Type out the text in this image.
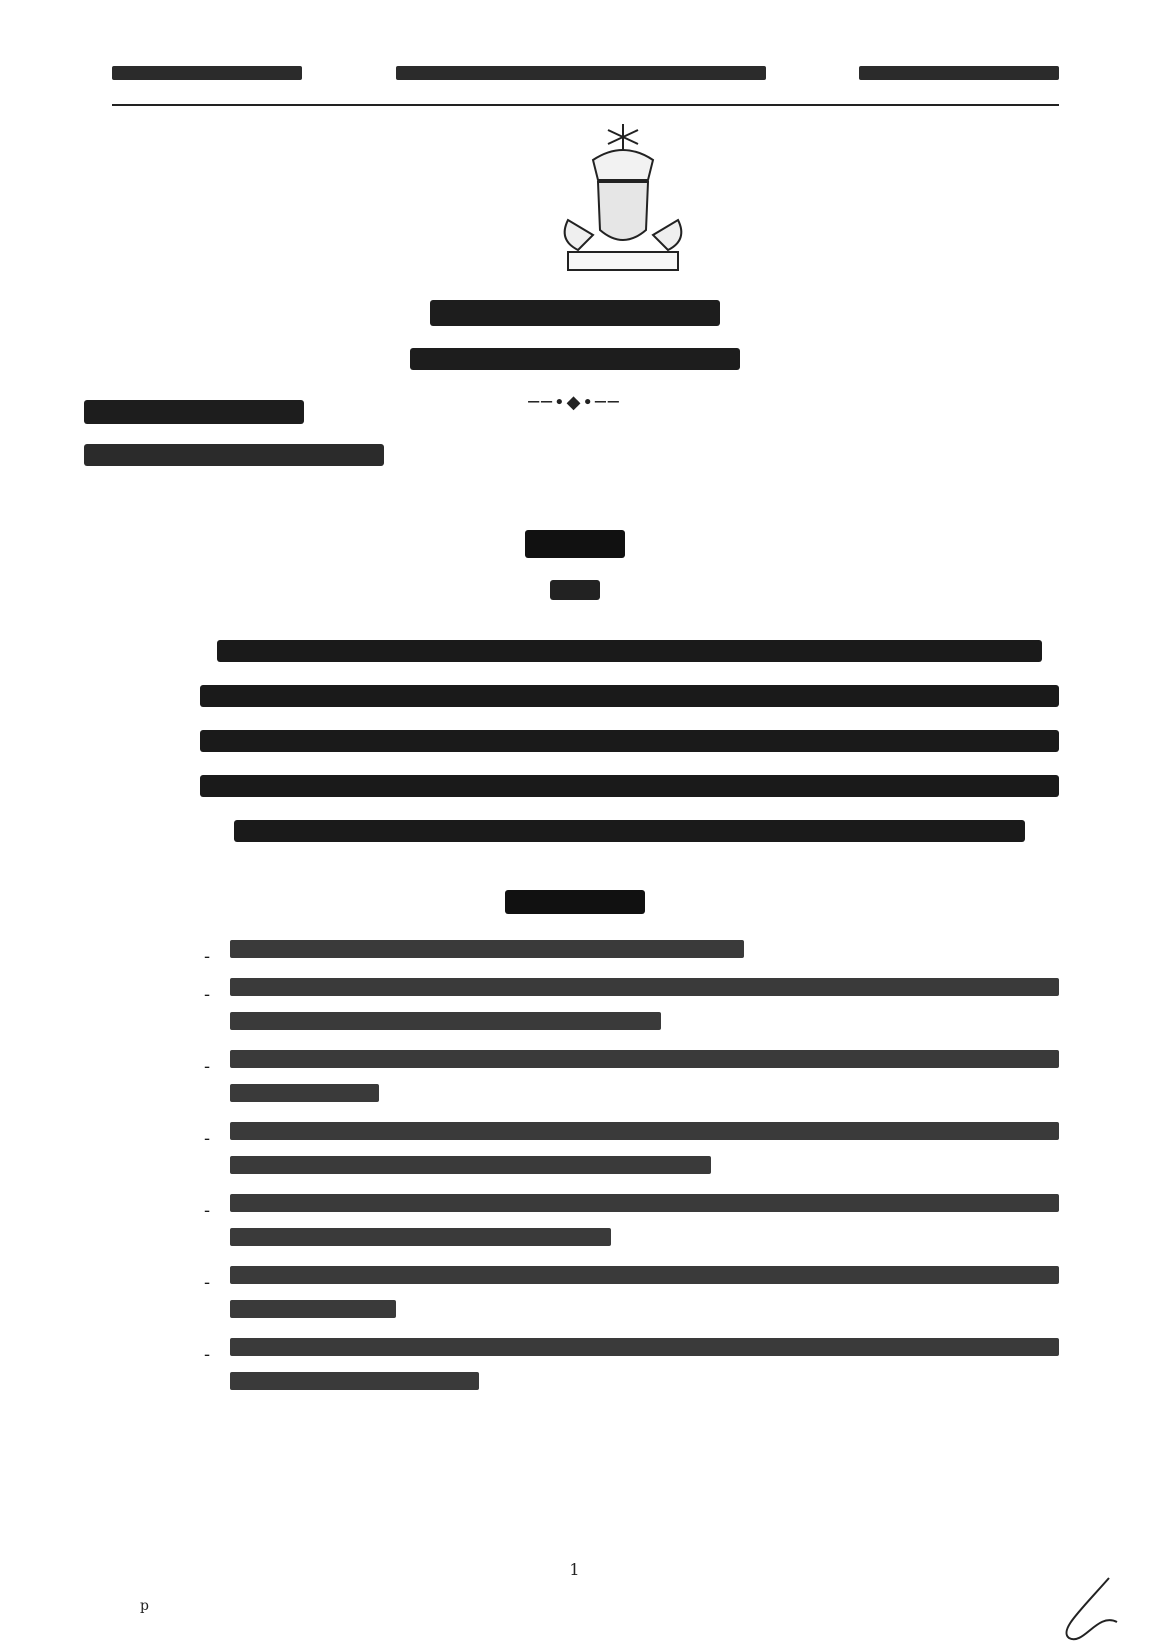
──•◆•──
-
-
-
-
-
-
-
1
p
